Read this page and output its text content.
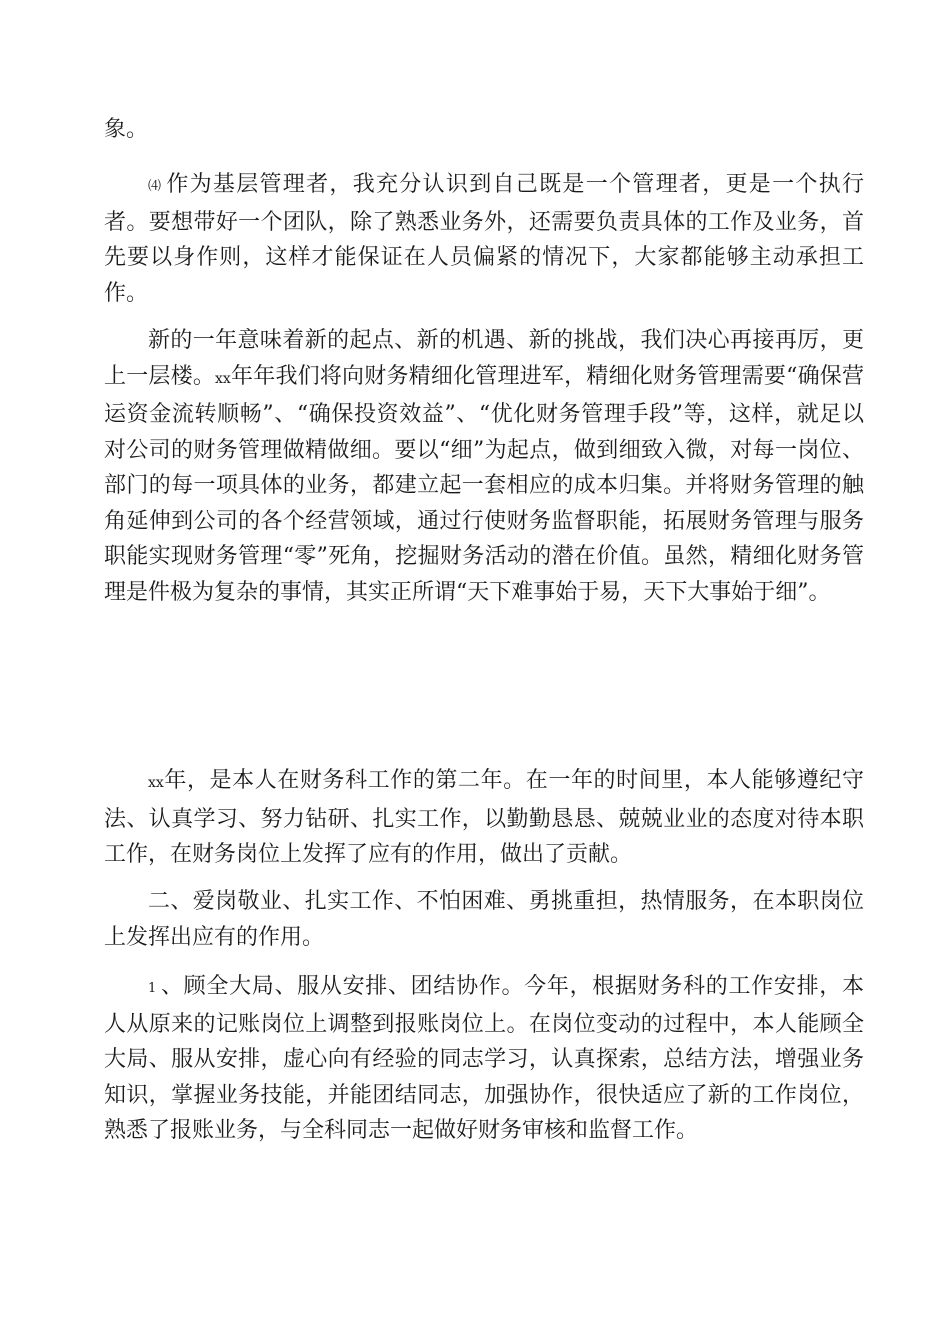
象。

⑷ 作为基层管理者，我充分认识到自己既是一个管理者，更是一个执行者。要想带好一个团队，除了熟悉业务外，还需要负责具体的工作及业务，首先要以身作则，这样才能保证在人员偏紧的情况下，大家都能够主动承担工作。

新的一年意味着新的起点、新的机遇、新的挑战，我们决心再接再厉，更上一层楼。xx年年我们将向财务精细化管理进军，精细化财务管理需要“确保营运资金流转顺畅”、“确保投资效益”、“优化财务管理手段”等，这样，就足以对公司的财务管理做精做细。要以“细”为起点，做到细致入微，对每一岗位、部门的每一项具体的业务，都建立起一套相应的成本归集。并将财务管理的触角延伸到公司的各个经营领域，通过行使财务监督职能，拓展财务管理与服务职能实现财务管理“零”死角，挖掘财务活动的潜在价值。虽然，精细化财务管理是件极为复杂的事情，其实正所谓“天下难事始于易，天下大事始于细”。

xx年，是本人在财务科工作的第二年。在一年的时间里，本人能够遵纪守法、认真学习、努力钻研、扎实工作，以勤勤恳恳、兢兢业业的态度对待本职工作，在财务岗位上发挥了应有的作用，做出了贡献。

二、爱岗敬业、扎实工作、不怕困难、勇挑重担，热情服务，在本职岗位上发挥出应有的作用。

1 、顾全大局、服从安排、团结协作。今年，根据财务科的工作安排，本人从原来的记账岗位上调整到报账岗位上。在岗位变动的过程中，本人能顾全大局、服从安排，虚心向有经验的同志学习，认真探索，总结方法，增强业务知识，掌握业务技能，并能团结同志，加强协作，很快适应了新的工作岗位，熟悉了报账业务，与全科同志一起做好财务审核和监督工作。
